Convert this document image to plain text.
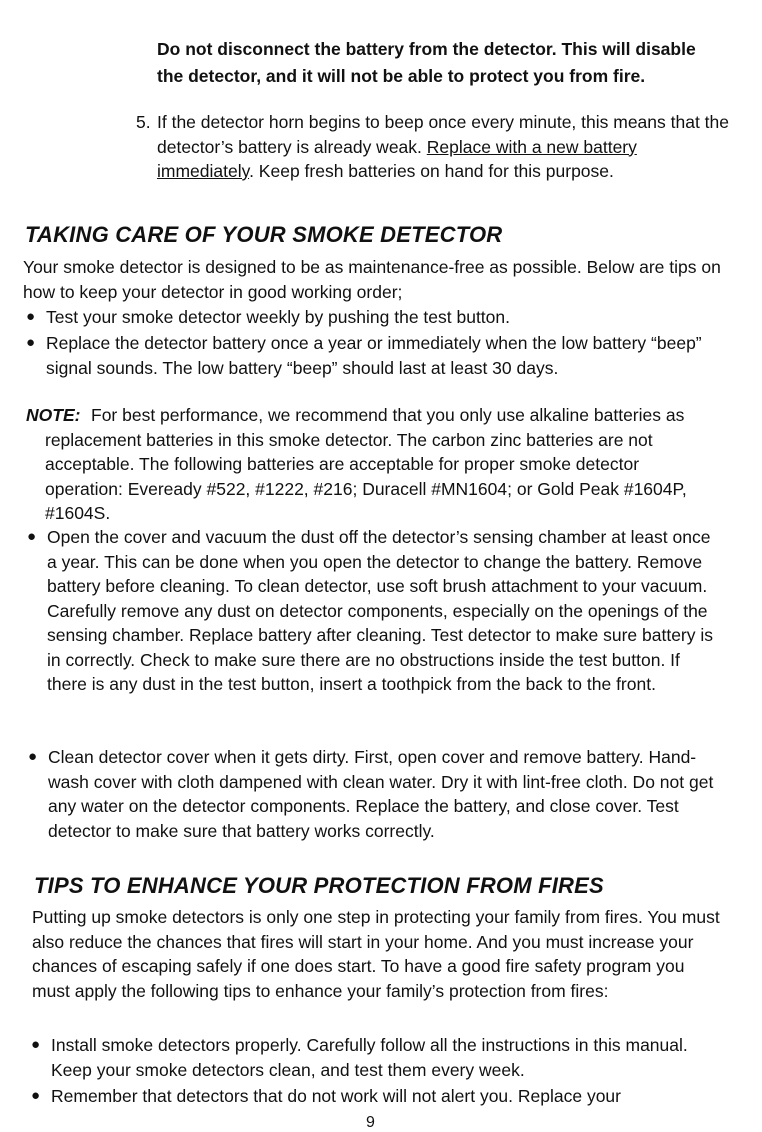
Do not disconnect the battery from the detector. This will disable the detector, and it will not be able to protect you from fire.
5. If the detector horn begins to beep once every minute, this means that the detector’s battery is already weak. Replace with a new battery immediately. Keep fresh batteries on hand for this purpose.
TAKING CARE OF YOUR SMOKE DETECTOR
Your smoke detector is designed to be as maintenance-free as possible. Below are tips on how to keep your detector in good working order;
● Test your smoke detector weekly by pushing the test button.
● Replace the detector battery once a year or immediately when the low battery “beep” signal sounds. The low battery “beep” should last at least 30 days.
NOTE: For best performance, we recommend that you only use alkaline batteries as replacement batteries in this smoke detector. The carbon zinc batteries are not acceptable. The following batteries are acceptable for proper smoke detector operation: Eveready #522, #1222, #216; Duracell #MN1604; or Gold Peak #1604P, #1604S.
● Open the cover and vacuum the dust off the detector’s sensing chamber at least once a year. This can be done when you open the detector to change the battery. Remove battery before cleaning. To clean detector, use soft brush attachment to your vacuum. Carefully remove any dust on detector components, especially on the openings of the sensing chamber. Replace battery after cleaning. Test detector to make sure battery is in correctly. Check to make sure there are no obstructions inside the test button. If there is any dust in the test button, insert a toothpick from the back to the front.
● Clean detector cover when it gets dirty. First, open cover and remove battery. Hand-wash cover with cloth dampened with clean water. Dry it with lint-free cloth. Do not get any water on the detector components. Replace the battery, and close cover. Test detector to make sure that battery works correctly.
TIPS TO ENHANCE YOUR PROTECTION FROM FIRES
Putting up smoke detectors is only one step in protecting your family from fires. You must also reduce the chances that fires will start in your home. And you must increase your chances of escaping safely if one does start. To have a good fire safety program you must apply the following tips to enhance your family’s protection from fires:
● Install smoke detectors properly. Carefully follow all the instructions in this manual. Keep your smoke detectors clean, and test them every week.
● Remember that detectors that do not work will not alert you. Replace your
9
